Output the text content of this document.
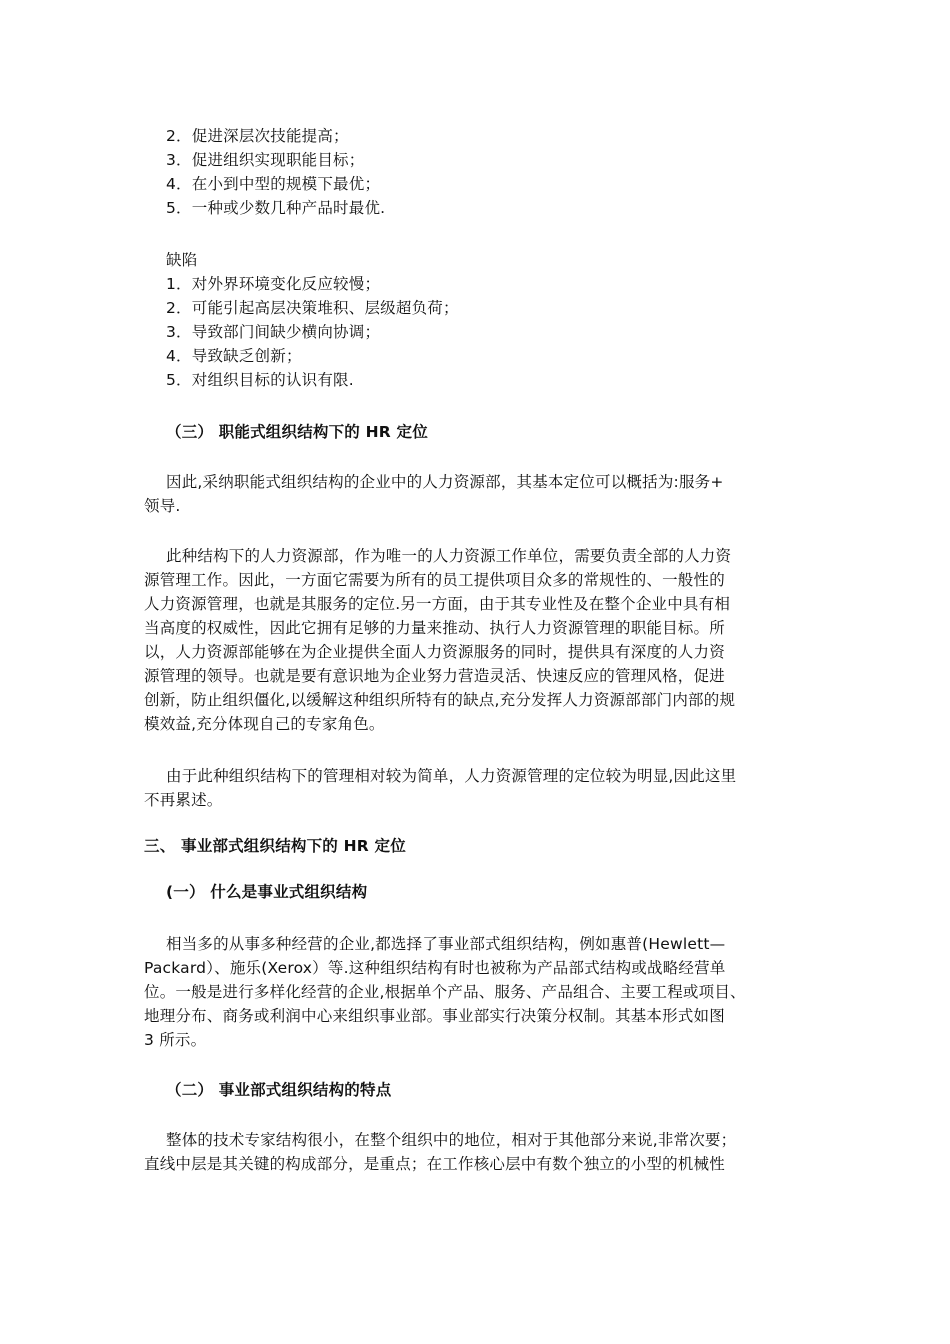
2．促进深层次技能提高；
3．促进组织实现职能目标；
4．在小到中型的规模下最优；
5．一种或少数几种产品时最优.
缺陷
1．对外界环境变化反应较慢；
2．可能引起高层决策堆积、层级超负荷；
3．导致部门间缺少横向协调；
4．导致缺乏创新；
5．对组织目标的认识有限.
（三） 职能式组织结构下的 HR 定位
因此,采纳职能式组织结构的企业中的人力资源部，其基本定位可以概括为:服务+
领导.
此种结构下的人力资源部，作为唯一的人力资源工作单位，需要负责全部的人力资
源管理工作。因此，一方面它需要为所有的员工提供项目众多的常规性的、一般性的
人力资源管理，也就是其服务的定位.另一方面，由于其专业性及在整个企业中具有相
当高度的权威性，因此它拥有足够的力量来推动、执行人力资源管理的职能目标。所
以，人力资源部能够在为企业提供全面人力资源服务的同时，提供具有深度的人力资
源管理的领导。也就是要有意识地为企业努力营造灵活、快速反应的管理风格，促进
创新，防止组织僵化,以缓解这种组织所特有的缺点,充分发挥人力资源部部门内部的规
模效益,充分体现自己的专家角色。
由于此种组织结构下的管理相对较为简单，人力资源管理的定位较为明显,因此这里
不再累述。
三、 事业部式组织结构下的 HR 定位
(一） 什么是事业式组织结构
相当多的从事多种经营的企业,都选择了事业部式组织结构，例如惠普(Hewlett—
Packard）、施乐(Xerox）等.这种组织结构有时也被称为产品部式结构或战略经营单
位。一般是进行多样化经营的企业,根据单个产品、服务、产品组合、主要工程或项目、
地理分布、商务或利润中心来组织事业部。事业部实行决策分权制。其基本形式如图
3 所示。
（二） 事业部式组织结构的特点
整体的技术专家结构很小，在整个组织中的地位，相对于其他部分来说,非常次要；
直线中层是其关键的构成部分，是重点；在工作核心层中有数个独立的小型的机械性
